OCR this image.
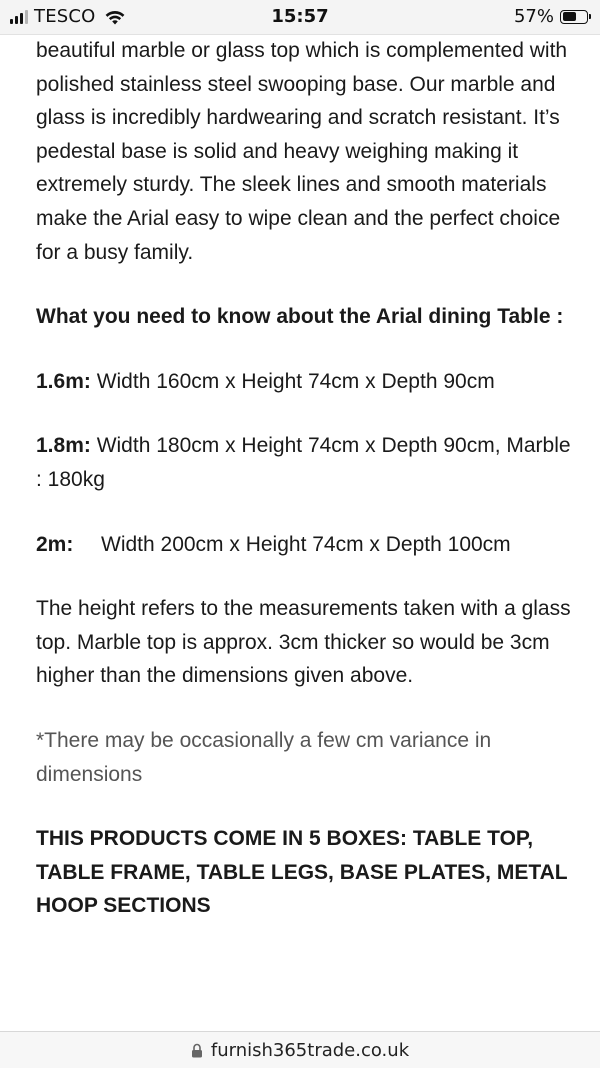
TESCO	15:57	57%

beautiful marble or glass top which is complemented with polished stainless steel swooping base. Our marble and glass is incredibly hardwearing and scratch resistant. It’s pedestal base is solid and heavy weighing making it extremely sturdy. The sleek lines and smooth materials make the Arial easy to wipe clean and the perfect choice for a busy family.

What you need to know about the Arial dining Table :

1.6m: Width 160cm x Height 74cm x Depth 90cm

1.8m: Width 180cm x Height 74cm x Depth 90cm, Marble : 180kg

2m: Width 200cm x Height 74cm x Depth 100cm

The height refers to the measurements taken with a glass top. Marble top is approx. 3cm thicker so would be 3cm higher than the dimensions given above.

*There may be occasionally a few cm variance in dimensions

THIS PRODUCTS COME IN 5 BOXES: TABLE TOP, TABLE FRAME, TABLE LEGS, BASE PLATES, METAL HOOP SECTIONS

furnish365trade.co.uk
